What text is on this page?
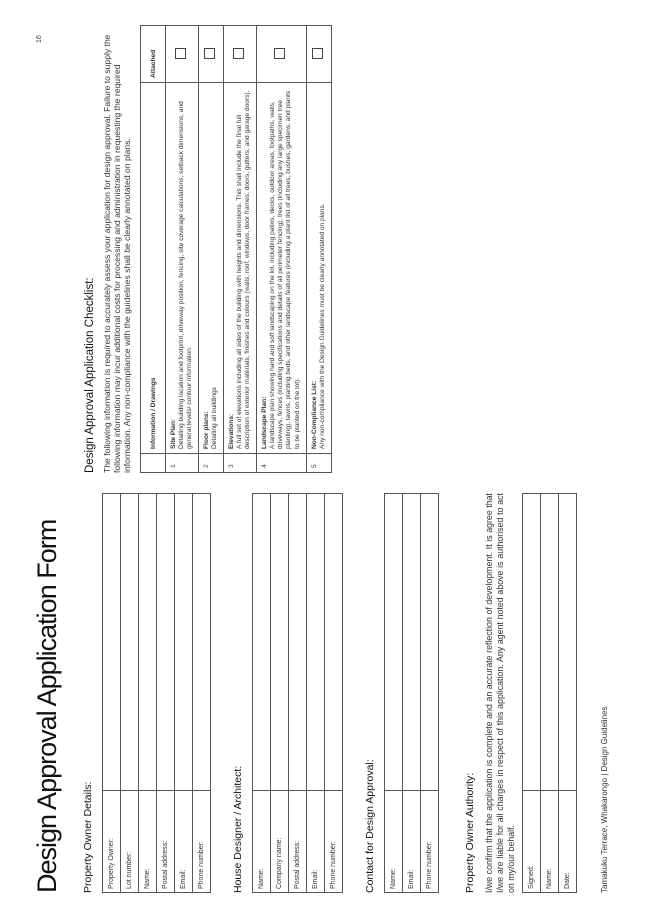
16
Design Approval Application Form Property Owner Details: Property Owner:	
Lot number:	
Name:	
Postal address:	
Email:	
Phone number:		House Designer / Architect: Name:	
Company name:	
Postal address:	
Email:	
Phone number:		Contact for Design Approval: Name:	
Email:	
Phone number:		Property Owner Authority: I/we confirm that the application is complete and an accurate reflection of development. It is agree that I/we are liable for all charges in respect of this application. Any agent noted above is authorised to act on my/our behalf. Signed:	
Name:	
Date:		Tamakuku Terrace, Whakarongo | Design Guidelines
Design Approval Application Checklist: The following information is required to accurately assess your application for design approval. Failure to supply the following information may incur additional costs for processing and administration in requesting the required information. Any non-compliance with the guidelines shall be clearly annotated on plans.

		Information / Drawings	Attached
1	Site Plan: Detailing building location and footprint, driveway position, fencing, site coverage calculations, setback dimensions, and general levels/ contour information.	
2	Floor plans: Detailing all buildings	
3	Elevations: A full set of elevations including all sides of the building with heights and dimensions. This shall include the final full description of exterior materials, finishes and colours (walls, roof, windows, door frames, doors, gutters, and garage doors).	
4	Landscape Plan: A landscape plan showing hard and soft landscaping on the lot, including patios, decks, outdoor areas, footpaths, walls, driveways, fences (including specifications and details of all perimeter fencing), trees (including any large specimen tree planting), lawns, planting beds, and other landscape features (including a plant list of all trees, bushes, gardens, and plants to be planted on the lot).	
5	Non-Compliance List: Any non-compliance with the Design Guidelines must be clearly annotated on plans.	
